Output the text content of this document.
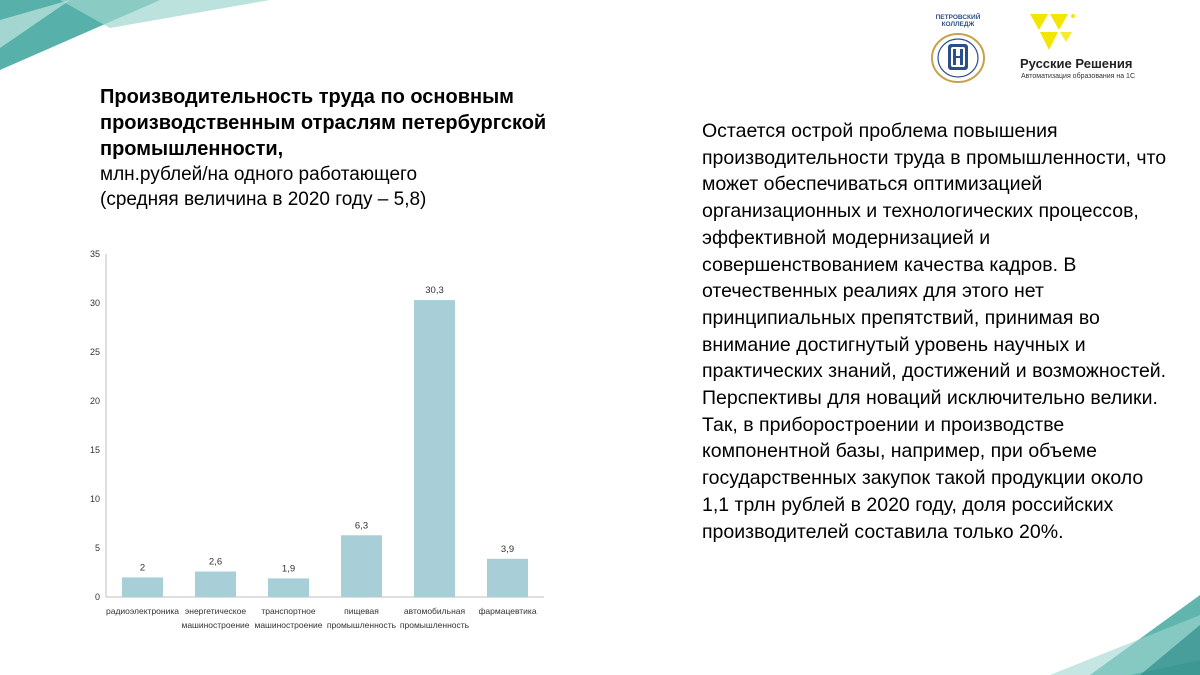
ПЕТРОВСКИЙ КОЛЛЕДЖ
Русские Решения
Автоматизация образования на 1С

Производительность труда по основным производственным отраслям петербургской промышленности,

млн.рублей/на одного работающего

(средняя величина в 2020 году – 5,8)

0
5
10
15
20
25
30
35
2
радиоэлектроника
2,6
энергетическое
машиностроение
1,9
транспортное
машиностроение
6,3
пищевая
промышленность
30,3
автомобильная
промышленность
3,9
фармацевтика

Остается острой проблема повышения производительности труда в промышленности, что может обеспечиваться оптимизацией организационных и технологических процессов, эффективной модернизацией и совершенствованием качества кадров. В отечественных реалиях для этого нет принципиальных препятствий, принимая во внимание достигнутый уровень научных и практических знаний, достижений и возможностей. Перспективы для новаций исключительно велики. Так, в приборостроении и производстве компонентной базы, например, при объеме государственных закупок такой продукции около 1,1 трлн рублей в 2020 году, доля российских производителей составила только 20%.
